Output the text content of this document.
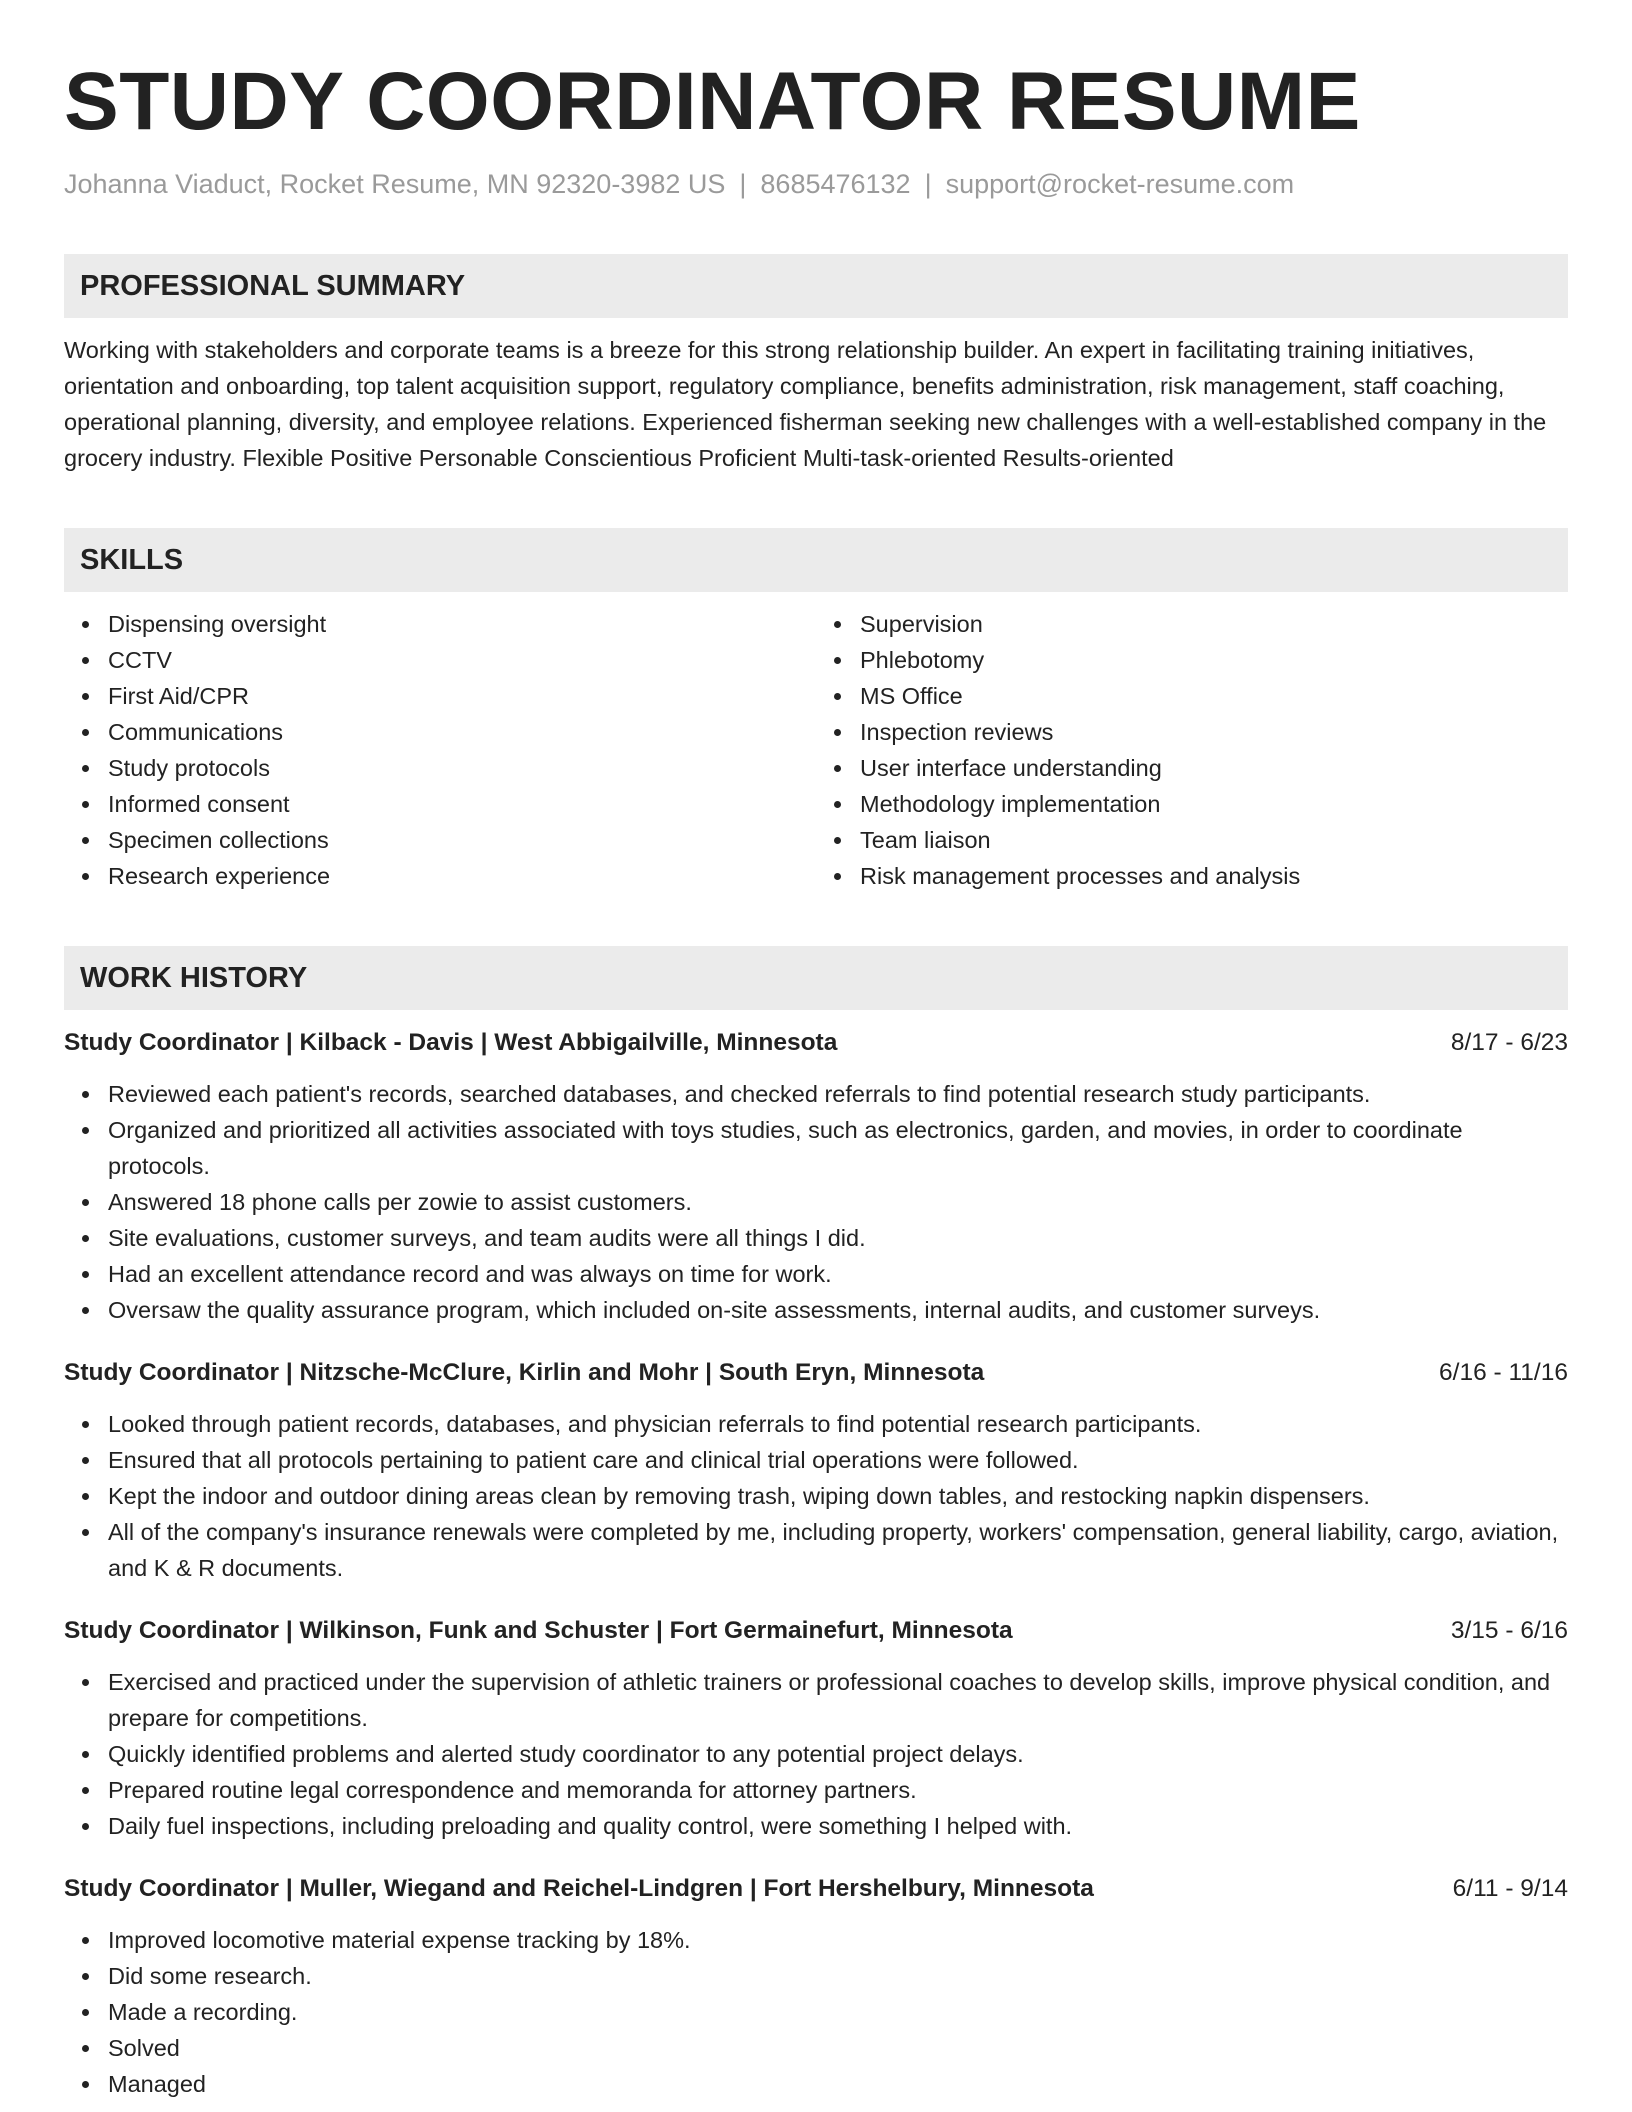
STUDY COORDINATOR RESUME
Johanna Viaduct, Rocket Resume, MN 92320-3982 US | 8685476132 | support@rocket-resume.com
PROFESSIONAL SUMMARY
Working with stakeholders and corporate teams is a breeze for this strong relationship builder. An expert in facilitating training initiatives, orientation and onboarding, top talent acquisition support, regulatory compliance, benefits administration, risk management, staff coaching, operational planning, diversity, and employee relations. Experienced fisherman seeking new challenges with a well-established company in the grocery industry. Flexible Positive Personable Conscientious Proficient Multi-task-oriented Results-oriented
SKILLS
Dispensing oversight
CCTV
First Aid/CPR
Communications
Study protocols
Informed consent
Specimen collections
Research experience
Supervision
Phlebotomy
MS Office
Inspection reviews
User interface understanding
Methodology implementation
Team liaison
Risk management processes and analysis
WORK HISTORY
Study Coordinator | Kilback - Davis | West Abbigailville, Minnesota	8/17 - 6/23
Reviewed each patient's records, searched databases, and checked referrals to find potential research study participants.
Organized and prioritized all activities associated with toys studies, such as electronics, garden, and movies, in order to coordinate protocols.
Answered 18 phone calls per zowie to assist customers.
Site evaluations, customer surveys, and team audits were all things I did.
Had an excellent attendance record and was always on time for work.
Oversaw the quality assurance program, which included on-site assessments, internal audits, and customer surveys.
Study Coordinator | Nitzsche-McClure, Kirlin and Mohr | South Eryn, Minnesota	6/16 - 11/16
Looked through patient records, databases, and physician referrals to find potential research participants.
Ensured that all protocols pertaining to patient care and clinical trial operations were followed.
Kept the indoor and outdoor dining areas clean by removing trash, wiping down tables, and restocking napkin dispensers.
All of the company's insurance renewals were completed by me, including property, workers' compensation, general liability, cargo, aviation, and K & R documents.
Study Coordinator | Wilkinson, Funk and Schuster | Fort Germainefurt, Minnesota	3/15 - 6/16
Exercised and practiced under the supervision of athletic trainers or professional coaches to develop skills, improve physical condition, and prepare for competitions.
Quickly identified problems and alerted study coordinator to any potential project delays.
Prepared routine legal correspondence and memoranda for attorney partners.
Daily fuel inspections, including preloading and quality control, were something I helped with.
Study Coordinator | Muller, Wiegand and Reichel-Lindgren | Fort Hershelbury, Minnesota	6/11 - 9/14
Improved locomotive material expense tracking by 18%.
Did some research.
Made a recording.
Solved
Managed
